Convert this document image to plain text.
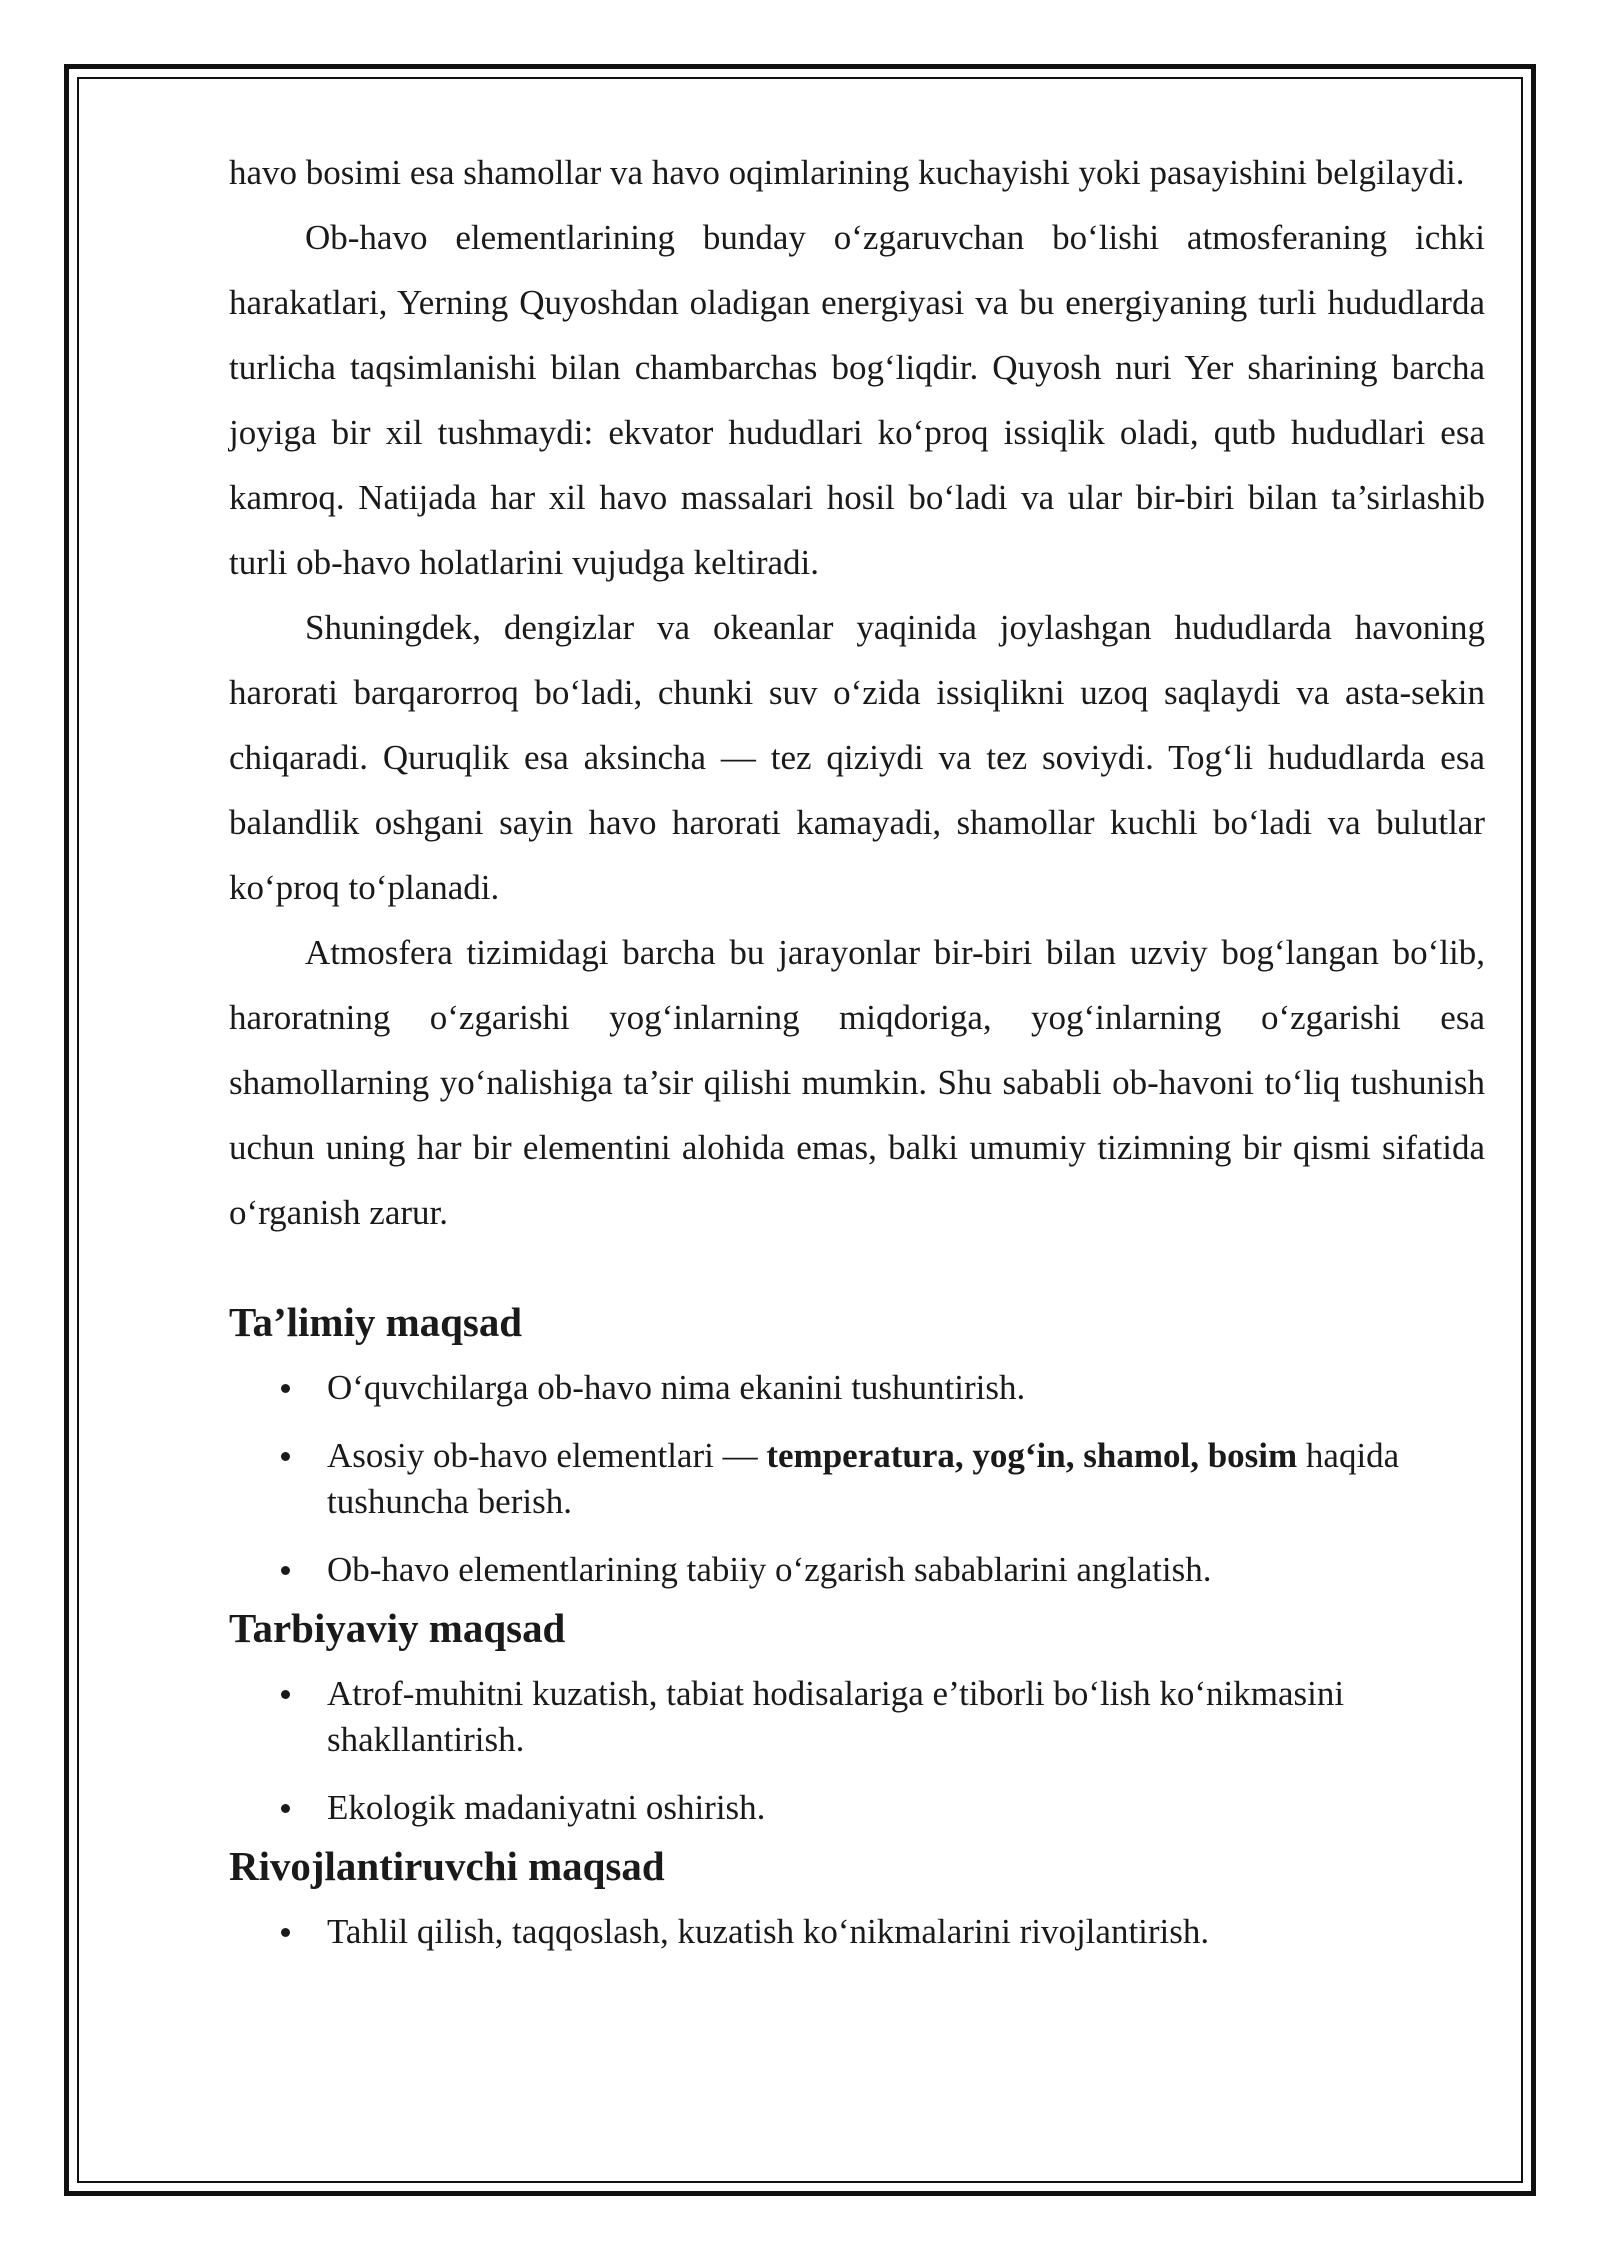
havo bosimi esa shamollar va havo oqimlarining kuchayishi yoki pasayishini belgilaydi.

Ob-havo elementlarining bunday o‘zgaruvchan bo‘lishi atmosferaning ichki harakatlari, Yerning Quyoshdan oladigan energiyasi va bu energiyaning turli hududlarda turlicha taqsimlanishi bilan chambarchas bog‘liqdir. Quyosh nuri Yer sharining barcha joyiga bir xil tushmaydi: ekvator hududlari ko‘proq issiqlik oladi, qutb hududlari esa kamroq. Natijada har xil havo massalari hosil bo‘ladi va ular bir-biri bilan ta’sirlashib turli ob-havo holatlarini vujudga keltiradi.

Shuningdek, dengizlar va okeanlar yaqinida joylashgan hududlarda havoning harorati barqarorroq bo‘ladi, chunki suv o‘zida issiqlikni uzoq saqlaydi va asta-sekin chiqaradi. Quruqlik esa aksincha — tez qiziydi va tez soviydi. Tog‘li hududlarda esa balandlik oshgani sayin havo harorati kamayadi, shamollar kuchli bo‘ladi va bulutlar ko‘proq to‘planadi.

Atmosfera tizimidagi barcha bu jarayonlar bir-biri bilan uzviy bog‘langan bo‘lib, haroratning o‘zgarishi yog‘inlarning miqdoriga, yog‘inlarning o‘zgarishi esa shamollarning yo‘nalishiga ta’sir qilishi mumkin. Shu sababli ob-havoni to‘liq tushunish uchun uning har bir elementini alohida emas, balki umumiy tizimning bir qismi sifatida o‘rganish zarur.

Ta’limiy maqsad
O‘quvchilarga ob-havo nima ekanini tushuntirish.
Asosiy ob-havo elementlari — temperatura, yog‘in, shamol, bosim haqida tushuncha berish.
Ob-havo elementlarining tabiiy o‘zgarish sabablarini anglatish.
Tarbiyaviy maqsad
Atrof-muhitni kuzatish, tabiat hodisalariga e’tiborli bo‘lish ko‘nikmasini shakllantirish.
Ekologik madaniyatni oshirish.
Rivojlantiruvchi maqsad
Tahlil qilish, taqqoslash, kuzatish ko‘nikmalarini rivojlantirish.
